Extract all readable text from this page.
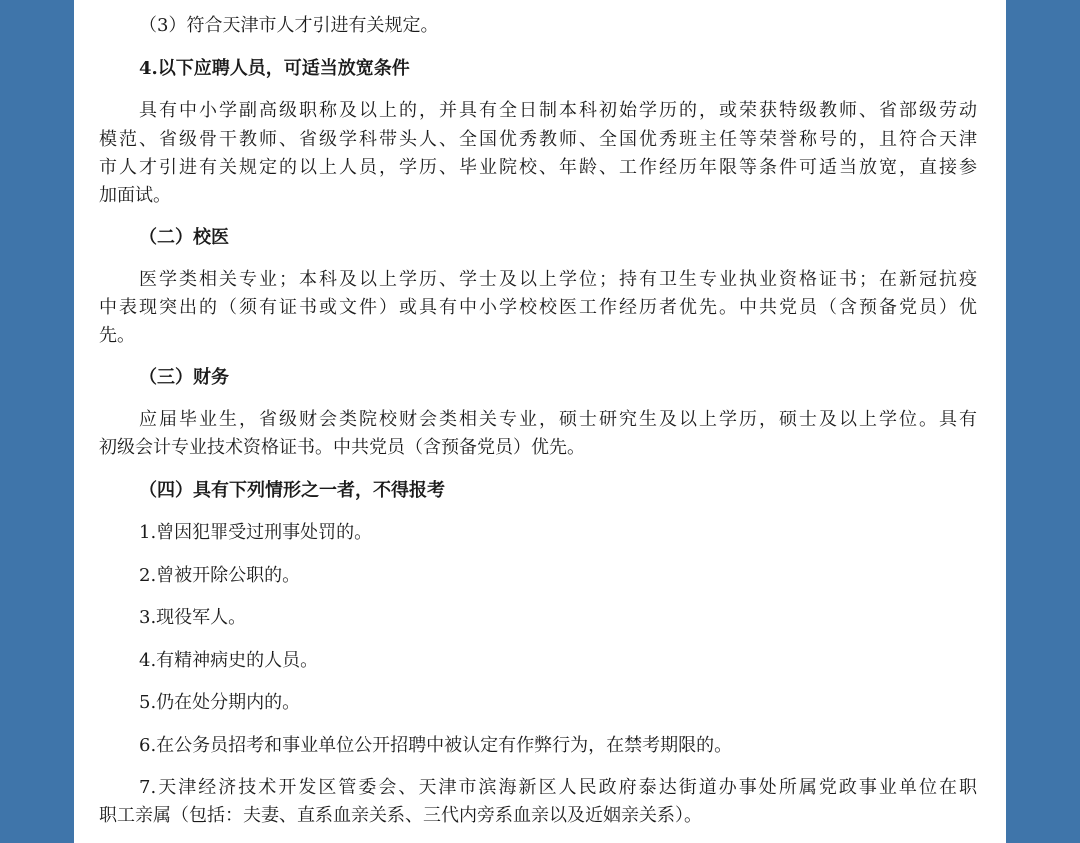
（3）符合天津市人才引进有关规定。
4.以下应聘人员，可适当放宽条件
具有中小学副高级职称及以上的，并具有全日制本科初始学历的，或荣获特级教师、省部级劳动
模范、省级骨干教师、省级学科带头人、全国优秀教师、全国优秀班主任等荣誉称号的，且符合天津
市人才引进有关规定的以上人员，学历、毕业院校、年龄、工作经历年限等条件可适当放宽，直接参
加面试。
（二）校医
医学类相关专业；本科及以上学历、学士及以上学位；持有卫生专业执业资格证书；在新冠抗疫
中表现突出的（须有证书或文件）或具有中小学校校医工作经历者优先。中共党员（含预备党员）优
先。
（三）财务
应届毕业生，省级财会类院校财会类相关专业，硕士研究生及以上学历，硕士及以上学位。具有
初级会计专业技术资格证书。中共党员（含预备党员）优先。
（四）具有下列情形之一者，不得报考
1.曾因犯罪受过刑事处罚的。
2.曾被开除公职的。
3.现役军人。
4.有精神病史的人员。
5.仍在处分期内的。
6.在公务员招考和事业单位公开招聘中被认定有作弊行为，在禁考期限的。
7.天津经济技术开发区管委会、天津市滨海新区人民政府泰达街道办事处所属党政事业单位在职
职工亲属（包括：夫妻、直系血亲关系、三代内旁系血亲以及近姻亲关系）。
